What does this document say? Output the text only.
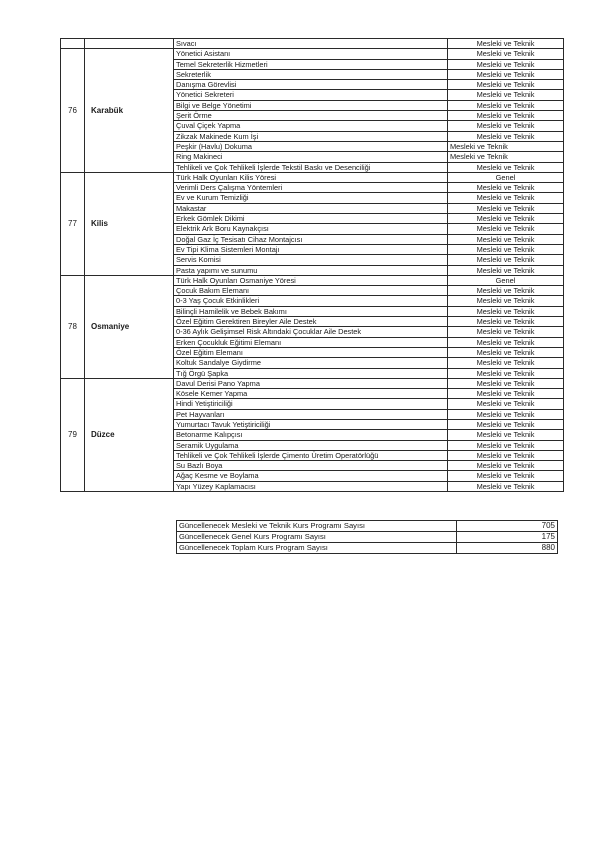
		Sıvacı	Mesleki ve Teknik
76	Karabük	Yönetici Asistanı	Mesleki ve Teknik
		Temel Sekreterlik Hizmetleri	Mesleki ve Teknik
		Sekreterlik	Mesleki ve Teknik
		Danışma Görevlisi	Mesleki ve Teknik
		Yönetici Sekreteri	Mesleki ve Teknik
		Bilgi ve Belge Yönetimi	Mesleki ve Teknik
		Şerit Örme	Mesleki ve Teknik
		Çuval Çiçek Yapma	Mesleki ve Teknik
		Zikzak Makinede Kum İşi	Mesleki ve Teknik
		Peşkir (Havlu) Dokuma	Mesleki ve Teknik
		Ring Makineci	Mesleki ve Teknik
		Tehlikeli ve Çok Tehlikeli İşlerde Tekstil Baskı ve Desenciliği	Mesleki ve Teknik
77	Kilis	Türk Halk Oyunları Kilis Yöresi	Genel
		Verimli Ders Çalışma Yöntemleri	Mesleki ve Teknik
		Ev ve Kurum Temizliği	Mesleki ve Teknik
		Makastar	Mesleki ve Teknik
		Erkek Gömlek Dikimi	Mesleki ve Teknik
		Elektrik Ark Boru Kaynakçısı	Mesleki ve Teknik
		Doğal Gaz İç Tesisatı Cihaz Montajcısı	Mesleki ve Teknik
		Ev Tipi Klima Sistemleri Montajı	Mesleki ve Teknik
		Servis Komisi	Mesleki ve Teknik
		Pasta yapımı ve sunumu	Mesleki ve Teknik
78	Osmaniye	Türk Halk Oyunları Osmaniye Yöresi	Genel
		Çocuk Bakım Elemanı	Mesleki ve Teknik
		0-3 Yaş Çocuk Etkinlikleri	Mesleki ve Teknik
		Bilinçli Hamilelik ve Bebek Bakımı	Mesleki ve Teknik
		Özel Eğitim Gerektiren Bireyler Aile Destek	Mesleki ve Teknik
		0-36 Aylık Gelişimsel Risk Altındaki Çocuklar Aile Destek	Mesleki ve Teknik
		Erken Çocukluk Eğitimi Elemanı	Mesleki ve Teknik
		Özel Eğitim Elemanı	Mesleki ve Teknik
		Koltuk Sandalye Giydirme	Mesleki ve Teknik
		Tığ Örgü Şapka	Mesleki ve Teknik
79	Düzce	Davul Derisi Pano Yapma	Mesleki ve Teknik
		Kösele Kemer Yapma	Mesleki ve Teknik
		Hindi Yetiştiriciliği	Mesleki ve Teknik
		Pet Hayvanları	Mesleki ve Teknik
		Yumurtacı Tavuk Yetiştiriciliği	Mesleki ve Teknik
		Betonarme Kalıpçısı	Mesleki ve Teknik
		Seramik Uygulama	Mesleki ve Teknik
		Tehlikeli ve Çok Tehlikeli İşlerde Çimento Üretim Operatörlüğü	Mesleki ve Teknik
		Su Bazlı Boya	Mesleki ve Teknik
		Ağaç Kesme ve Boylama	Mesleki ve Teknik
		Yapı Yüzey Kaplamacısı	Mesleki ve Teknik
Güncellenecek Mesleki ve Teknik Kurs Programı Sayısı	705
Güncellenecek Genel Kurs Programı Sayısı	175
Güncellenecek Toplam Kurs Program Sayısı	880
